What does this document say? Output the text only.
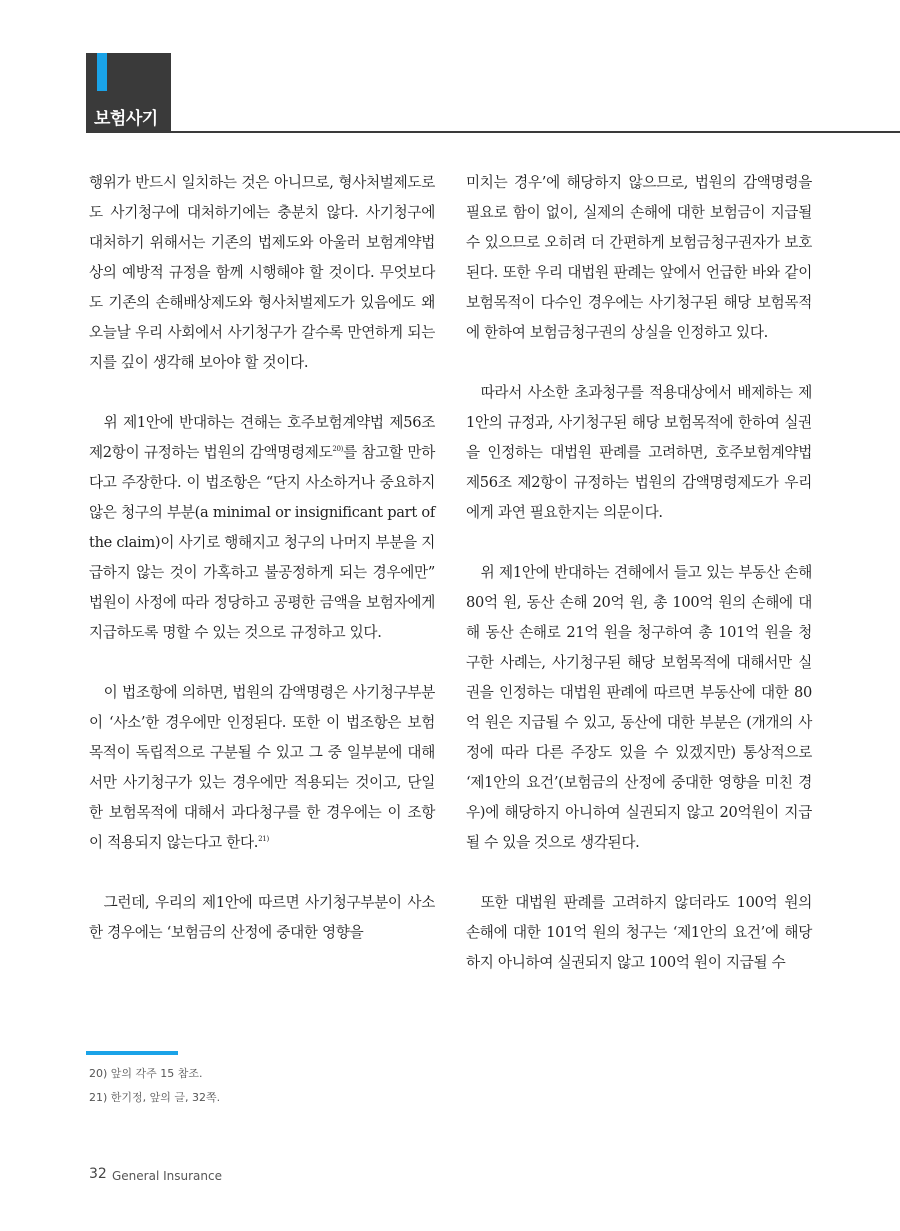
보험사기

행위가 반드시 일치하는 것은 아니므로, 형사처벌제도로도 사기청구에 대처하기에는 충분치 않다. 사기청구에 대처하기 위해서는 기존의 법제도와 아울러 보험계약법상의 예방적 규정을 함께 시행해야 할 것이다. 무엇보다도 기존의 손해배상제도와 형사처벌제도가 있음에도 왜 오늘날 우리 사회에서 사기청구가 갈수록 만연하게 되는지를 깊이 생각해 보아야 할 것이다.

위 제1안에 반대하는 견해는 호주보험계약법 제56조 제2항이 규정하는 법원의 감액명령제도$^{20)}$를 참고할 만하다고 주장한다. 이 법조항은 “단지 사소하거나 중요하지 않은 청구의 부분(a minimal or insignificant part of the claim)이 사기로 행해지고 청구의 나머지 부분을 지급하지 않는 것이 가혹하고 불공정하게 되는 경우에만” 법원이 사정에 따라 정당하고 공평한 금액을 보험자에게 지급하도록 명할 수 있는 것으로 규정하고 있다.

이 법조항에 의하면, 법원의 감액명령은 사기청구부분이 ‘사소’한 경우에만 인정된다. 또한 이 법조항은 보험목적이 독립적으로 구분될 수 있고 그 중 일부분에 대해서만 사기청구가 있는 경우에만 적용되는 것이고, 단일한 보험목적에 대해서 과다청구를 한 경우에는 이 조항이 적용되지 않는다고 한다.$^{21)}$

그런데, 우리의 제1안에 따르면 사기청구부분이 사소한 경우에는 ‘보험금의 산정에 중대한 영향을

미치는 경우’에 해당하지 않으므로, 법원의 감액명령을 필요로 함이 없이, 실제의 손해에 대한 보험금이 지급될 수 있으므로 오히려 더 간편하게 보험금청구권자가 보호된다. 또한 우리 대법원 판례는 앞에서 언급한 바와 같이 보험목적이 다수인 경우에는 사기청구된 해당 보험목적에 한하여 보험금청구권의 상실을 인정하고 있다.

따라서 사소한 초과청구를 적용대상에서 배제하는 제1안의 규정과, 사기청구된 해당 보험목적에 한하여 실권을 인정하는 대법원 판례를 고려하면, 호주보험계약법 제56조 제2항이 규정하는 법원의 감액명령제도가 우리에게 과연 필요한지는 의문이다.

위 제1안에 반대하는 견해에서 들고 있는 부동산 손해 80억 원, 동산 손해 20억 원, 총 100억 원의 손해에 대해 동산 손해로 21억 원을 청구하여 총 101억 원을 청구한 사례는, 사기청구된 해당 보험목적에 대해서만 실권을 인정하는 대법원 판례에 따르면 부동산에 대한 80억 원은 지급될 수 있고, 동산에 대한 부분은 (개개의 사정에 따라 다른 주장도 있을 수 있겠지만) 통상적으로 ‘제1안의 요건’(보험금의 산정에 중대한 영향을 미친 경우)에 해당하지 아니하여 실권되지 않고 20억원이 지급될 수 있을 것으로 생각된다.

또한 대법원 판례를 고려하지 않더라도 100억 원의 손해에 대한 101억 원의 청구는 ‘제1안의 요건’에 해당하지 아니하여 실권되지 않고 100억 원이 지급될 수

20) 앞의 각주 15 참조.
21) 한기정, 앞의 글, 32쪽.
32 General Insurance
